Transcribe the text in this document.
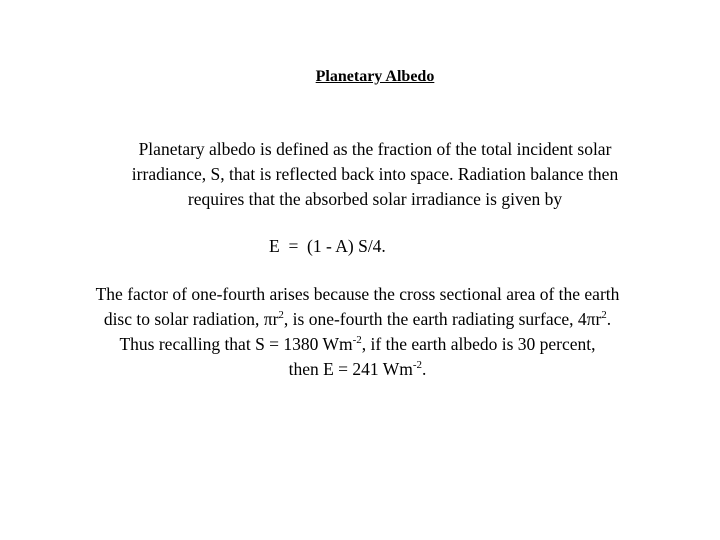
Planetary Albedo
Planetary albedo is defined as the fraction of the total incident solar
irradiance, S, that is reflected back into space. Radiation balance then
requires that the absorbed solar irradiance is given by
E  =  (1 - A) S/4.
The factor of one-fourth arises because the cross sectional area of the earth
disc to solar radiation, $\pi r^2$, is one-fourth the earth radiating surface, $4\pi r^2$.
Thus recalling that S = 1380 $Wm^{-2}$, if the earth albedo is 30 percent,
then E = 241 $Wm^{-2}$.
